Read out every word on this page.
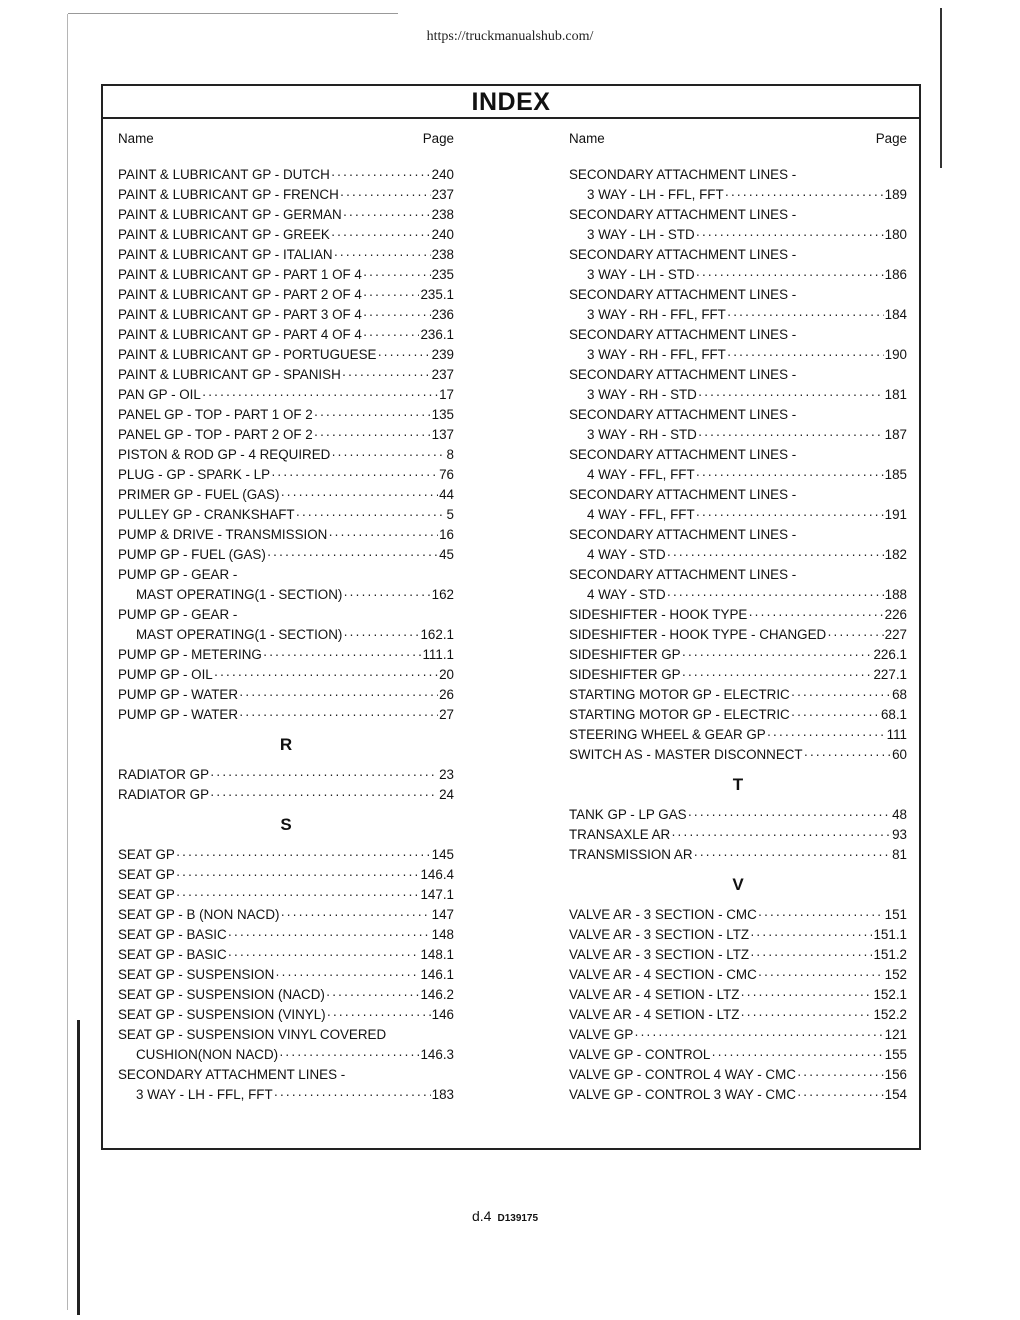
https://truckmanualshub.com/
INDEX
Name	Page
PAINT & LUBRICANT GP - DUTCH ·····	240
PAINT & LUBRICANT GP - FRENCH ·····	237
PAINT & LUBRICANT GP - GERMAN ·····	238
PAINT & LUBRICANT GP - GREEK ·····	240
PAINT & LUBRICANT GP - ITALIAN ·····	238
PAINT & LUBRICANT GP - PART 1 OF 4 ·····	235
PAINT & LUBRICANT GP - PART 2 OF 4 ·····	235.1
PAINT & LUBRICANT GP - PART 3 OF 4 ·····	236
PAINT & LUBRICANT GP - PART 4 OF 4 ·····	236.1
PAINT & LUBRICANT GP - PORTUGUESE ·····	239
PAINT & LUBRICANT GP - SPANISH ·····	237
PAN GP - OIL ·····	17
PANEL GP - TOP - PART 1 OF 2 ·····	135
PANEL GP - TOP - PART 2 OF 2 ·····	137
PISTON & ROD GP - 4 REQUIRED ·····	8
PLUG - GP - SPARK - LP ·····	76
PRIMER GP - FUEL (GAS) ·····	44
PULLEY GP - CRANKSHAFT ·····	5
PUMP & DRIVE - TRANSMISSION ·····	16
PUMP GP - FUEL (GAS) ·····	45
PUMP GP - GEAR -
MAST OPERATING(1 - SECTION) ·····	162
PUMP GP - GEAR -
MAST OPERATING(1 - SECTION) ·····	162.1
PUMP GP - METERING ·····	111.1
PUMP GP - OIL ·····	20
PUMP GP - WATER ·····	26
PUMP GP - WATER ·····	27
R
RADIATOR GP ·····	23
RADIATOR GP ·····	24
S
SEAT GP ·····	145
SEAT GP ·····	146.4
SEAT GP ·····	147.1
SEAT GP - B (NON NACD) ·····	147
SEAT GP - BASIC ·····	148
SEAT GP - BASIC ·····	148.1
SEAT GP - SUSPENSION ·····	146.1
SEAT GP - SUSPENSION (NACD) ·····	146.2
SEAT GP - SUSPENSION (VINYL) ·····	146
SEAT GP - SUSPENSION VINYL COVERED
CUSHION(NON NACD) ·····	146.3
SECONDARY ATTACHMENT LINES -
3 WAY - LH - FFL, FFT ·····	183
Name	Page
SECONDARY ATTACHMENT LINES -
3 WAY - LH - FFL, FFT ·····	189
SECONDARY ATTACHMENT LINES -
3 WAY - LH - STD ·····	180
SECONDARY ATTACHMENT LINES -
3 WAY - LH - STD ·····	186
SECONDARY ATTACHMENT LINES -
3 WAY - RH - FFL, FFT ·····	184
SECONDARY ATTACHMENT LINES -
3 WAY - RH - FFL, FFT ·····	190
SECONDARY ATTACHMENT LINES -
3 WAY - RH - STD ·····	181
SECONDARY ATTACHMENT LINES -
3 WAY - RH - STD ·····	187
SECONDARY ATTACHMENT LINES -
4 WAY - FFL, FFT ·····	185
SECONDARY ATTACHMENT LINES -
4 WAY - FFL, FFT ·····	191
SECONDARY ATTACHMENT LINES -
4 WAY - STD ·····	182
SECONDARY ATTACHMENT LINES -
4 WAY - STD ·····	188
SIDESHIFTER - HOOK TYPE ·····	226
SIDESHIFTER - HOOK TYPE - CHANGED ·····	227
SIDESHIFTER GP ·····	226.1
SIDESHIFTER GP ·····	227.1
STARTING MOTOR GP - ELECTRIC ·····	68
STARTING MOTOR GP - ELECTRIC ·····	68.1
STEERING WHEEL & GEAR GP ·····	111
SWITCH AS - MASTER DISCONNECT ·····	60
T
TANK GP - LP GAS ·····	48
TRANSAXLE AR ·····	93
TRANSMISSION AR ·····	81
V
VALVE AR - 3 SECTION - CMC ·····	151
VALVE AR - 3 SECTION - LTZ ·····	151.1
VALVE AR - 3 SECTION - LTZ ·····	151.2
VALVE AR - 4 SECTION - CMC ·····	152
VALVE AR - 4 SETION - LTZ ·····	152.1
VALVE AR - 4 SETION - LTZ ·····	152.2
VALVE GP ·····	121
VALVE GP - CONTROL ·····	155
VALVE GP - CONTROL 4 WAY - CMC ·····	156
VALVE GP - CONTROL 3 WAY - CMC ·····	154
d.4 D139175
